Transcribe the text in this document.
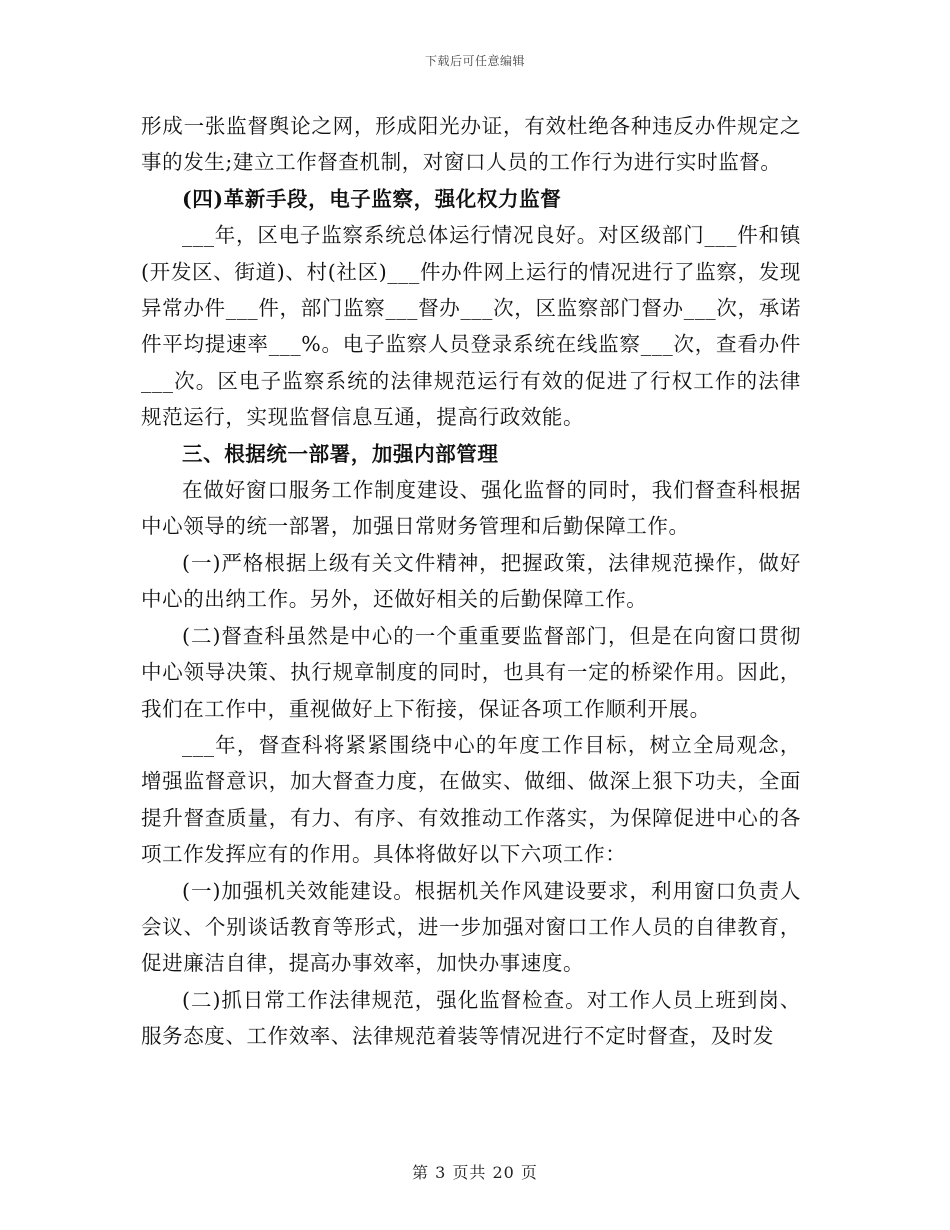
下载后可任意编辑

形成一张监督舆论之网，形成阳光办证，有效杜绝各种违反办件规定之事的发生;建立工作督查机制，对窗口人员的工作行为进行实时监督。

(四)革新手段，电子监察，强化权力监督

___年，区电子监察系统总体运行情况良好。对区级部门___件和镇(开发区、街道)、村(社区)___件办件网上运行的情况进行了监察，发现异常办件___件，部门监察___督办___次，区监察部门督办___次，承诺件平均提速率___%。电子监察人员登录系统在线监察___次，查看办件___次。区电子监察系统的法律规范运行有效的促进了行权工作的法律规范运行，实现监督信息互通，提高行政效能。

三、根据统一部署，加强内部管理

在做好窗口服务工作制度建设、强化监督的同时，我们督查科根据中心领导的统一部署，加强日常财务管理和后勤保障工作。

(一)严格根据上级有关文件精神，把握政策，法律规范操作，做好中心的出纳工作。另外，还做好相关的后勤保障工作。

(二)督查科虽然是中心的一个重重要监督部门，但是在向窗口贯彻中心领导决策、执行规章制度的同时，也具有一定的桥梁作用。因此，我们在工作中，重视做好上下衔接，保证各项工作顺利开展。

___年，督查科将紧紧围绕中心的年度工作目标，树立全局观念，增强监督意识，加大督查力度，在做实、做细、做深上狠下功夫，全面提升督查质量，有力、有序、有效推动工作落实，为保障促进中心的各项工作发挥应有的作用。具体将做好以下六项工作：

(一)加强机关效能建设。根据机关作风建设要求，利用窗口负责人会议、个别谈话教育等形式，进一步加强对窗口工作人员的自律教育，促进廉洁自律，提高办事效率，加快办事速度。

(二)抓日常工作法律规范，强化监督检查。对工作人员上班到岗、服务态度、工作效率、法律规范着装等情况进行不定时督查，及时发

第 3 页共 20 页
